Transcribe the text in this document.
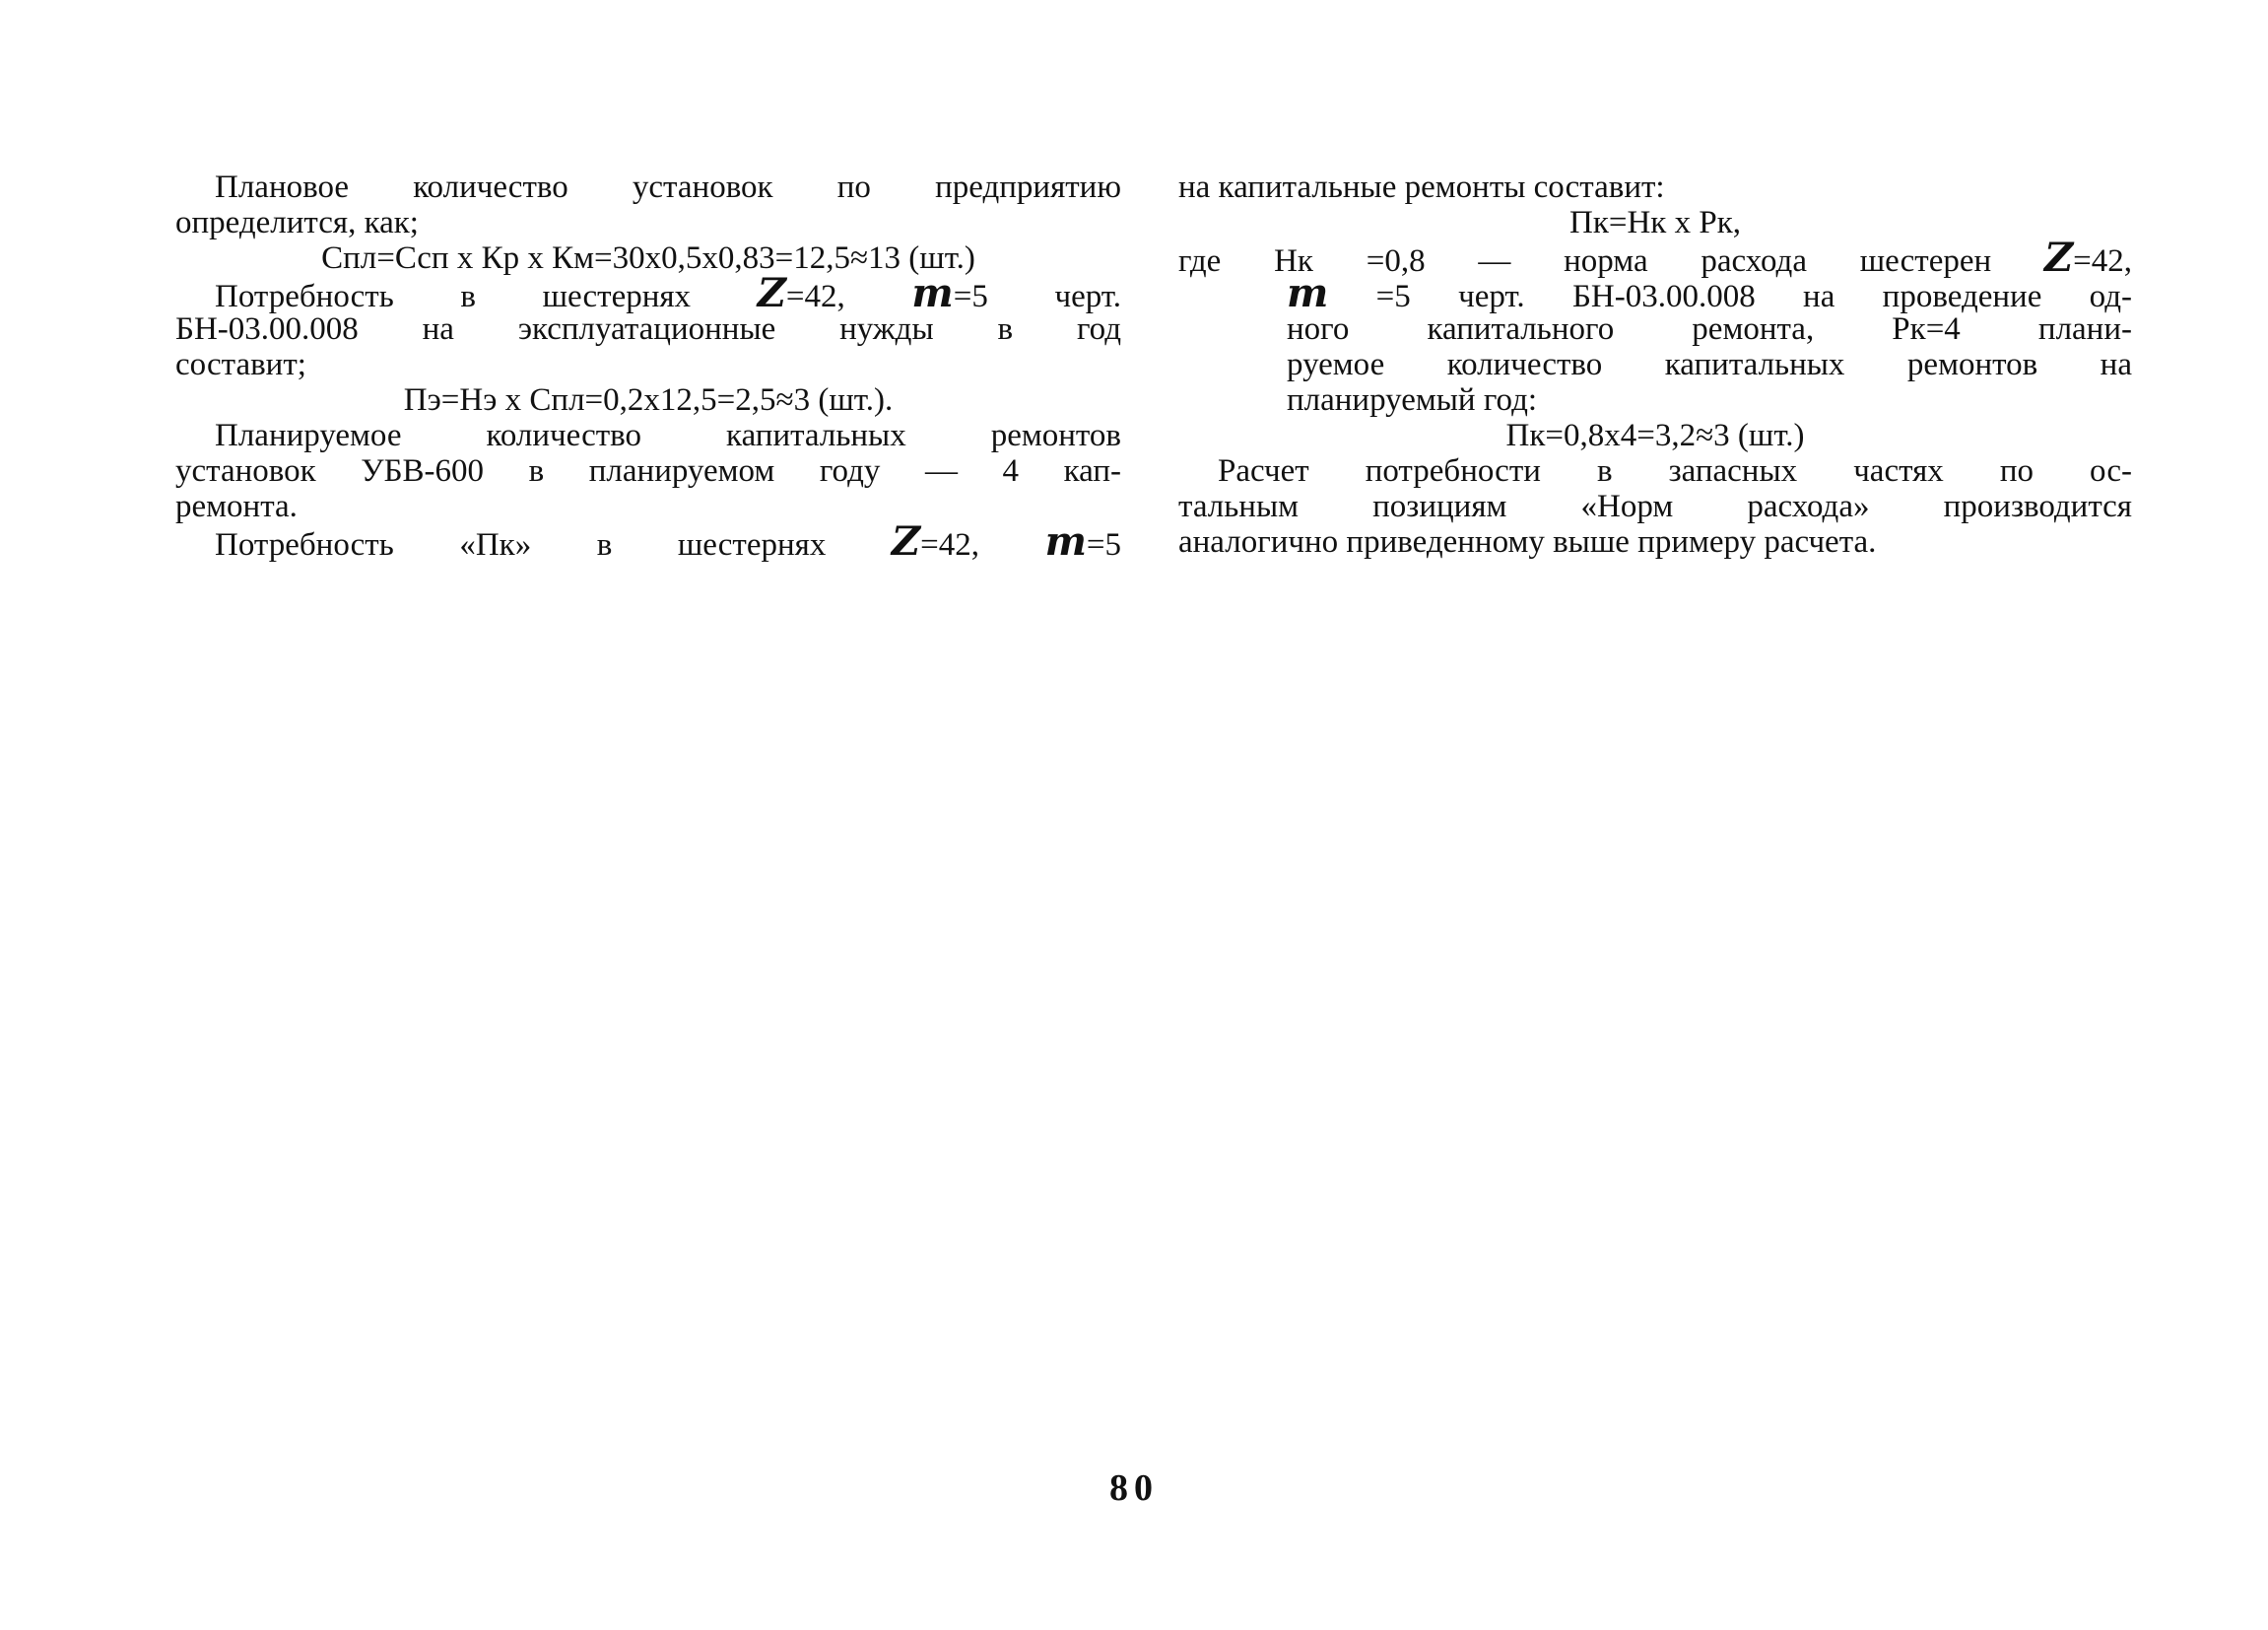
Плановое количество установок по предприятию
определится, как;
Спл=Ссп х Кр х Км=30х0,5х0,83=12,5≈13 (шт.)
Потребность в шестернях Z=42, m=5 черт.
БН-03.00.008 на эксплуатационные нужды в год
составит;
Пэ=Нэ х Спл=0,2х12,5=2,5≈3 (шт.).
Планируемое количество капитальных ремонтов
установок УБВ-600 в планируемом году — 4 кап-
ремонта.
Потребность «Пк» в шестернях Z=42, m=5
на капитальные ремонты составит:
Пк=Нк х Рк,
где Нк =0,8 — норма расхода шестерен Z=42,
m =5 черт. БН-03.00.008 на проведение од-
ного капитального ремонта, Рк=4 плани-
руемое количество капитальных ремонтов на
планируемый год:
Пк=0,8х4=3,2≈3 (шт.)
Расчет потребности в запасных частях по ос-
тальным позициям «Норм расхода» производится
аналогично приведенному выше примеру расчета.
80
